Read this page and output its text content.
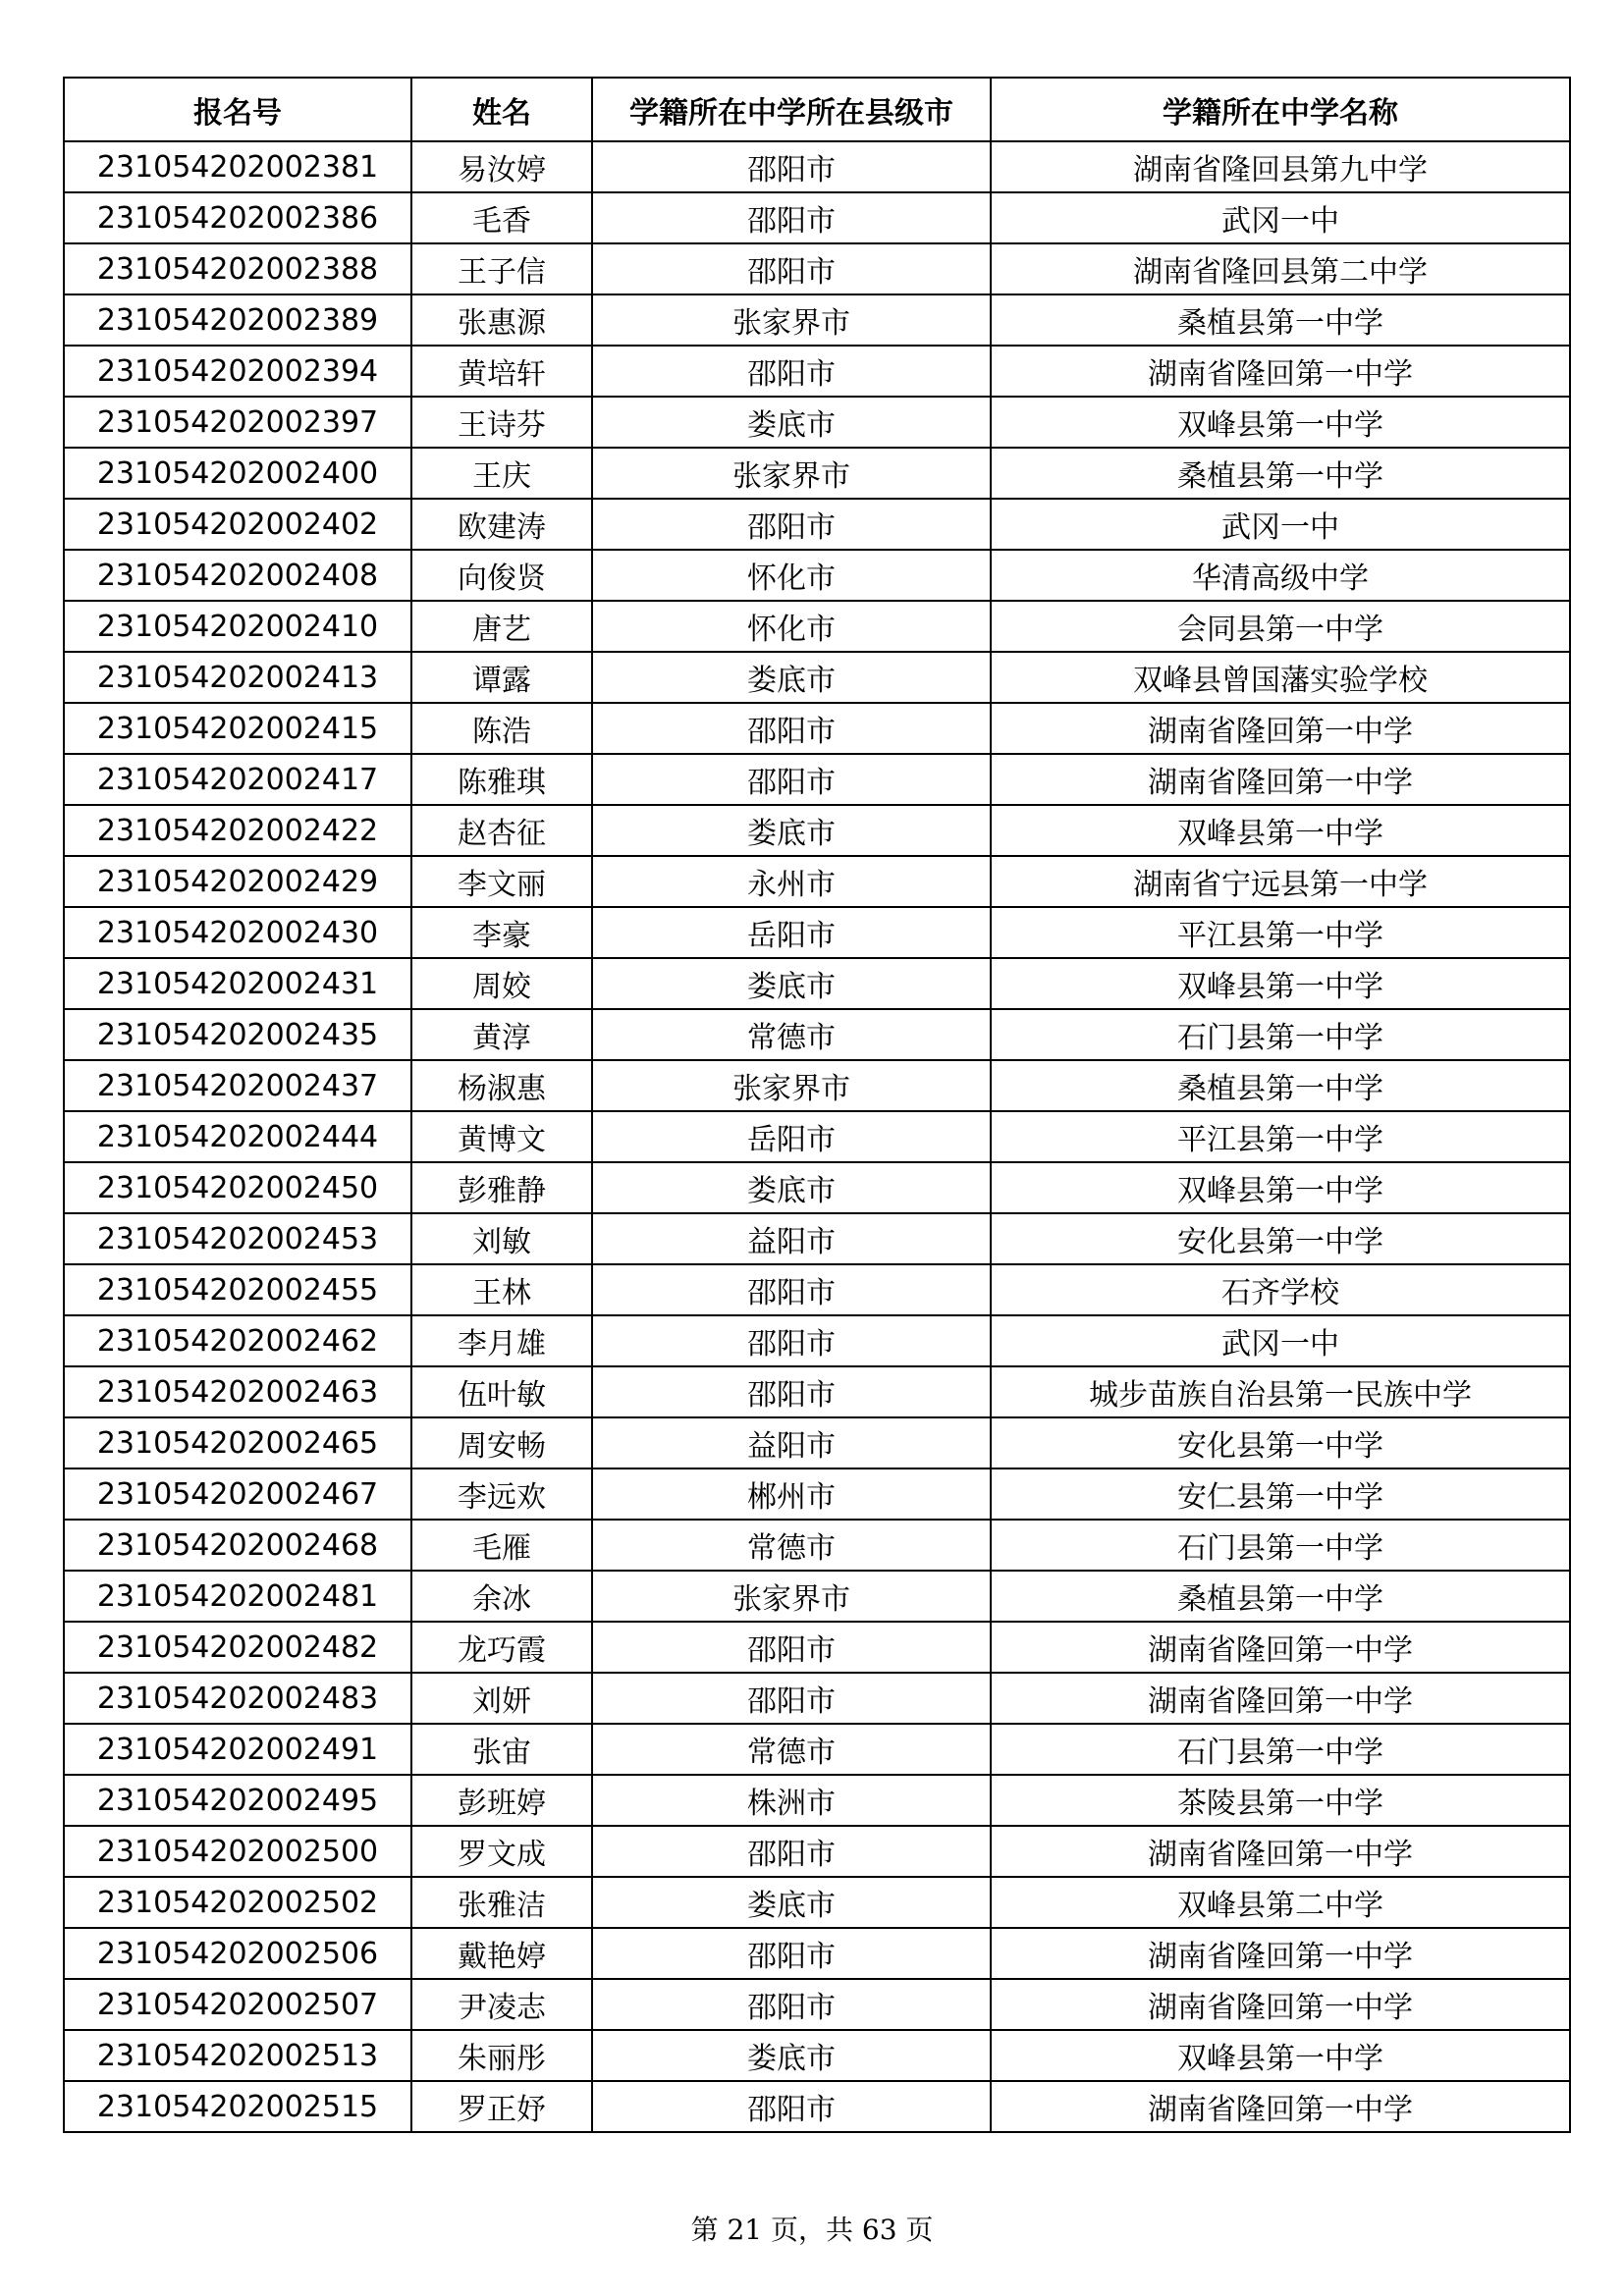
报名号	姓名	学籍所在中学所在县级市	学籍所在中学名称
231054202002381	易汝婷	邵阳市	湖南省隆回县第九中学
231054202002386	毛香	邵阳市	武冈一中
231054202002388	王子信	邵阳市	湖南省隆回县第二中学
231054202002389	张惠源	张家界市	桑植县第一中学
231054202002394	黄培轩	邵阳市	湖南省隆回第一中学
231054202002397	王诗芬	娄底市	双峰县第一中学
231054202002400	王庆	张家界市	桑植县第一中学
231054202002402	欧建涛	邵阳市	武冈一中
231054202002408	向俊贤	怀化市	华清高级中学
231054202002410	唐艺	怀化市	会同县第一中学
231054202002413	谭露	娄底市	双峰县曾国藩实验学校
231054202002415	陈浩	邵阳市	湖南省隆回第一中学
231054202002417	陈雅琪	邵阳市	湖南省隆回第一中学
231054202002422	赵杏征	娄底市	双峰县第一中学
231054202002429	李文丽	永州市	湖南省宁远县第一中学
231054202002430	李豪	岳阳市	平江县第一中学
231054202002431	周姣	娄底市	双峰县第一中学
231054202002435	黄淳	常德市	石门县第一中学
231054202002437	杨淑惠	张家界市	桑植县第一中学
231054202002444	黄博文	岳阳市	平江县第一中学
231054202002450	彭雅静	娄底市	双峰县第一中学
231054202002453	刘敏	益阳市	安化县第一中学
231054202002455	王林	邵阳市	石齐学校
231054202002462	李月雄	邵阳市	武冈一中
231054202002463	伍叶敏	邵阳市	城步苗族自治县第一民族中学
231054202002465	周安畅	益阳市	安化县第一中学
231054202002467	李远欢	郴州市	安仁县第一中学
231054202002468	毛雁	常德市	石门县第一中学
231054202002481	余冰	张家界市	桑植县第一中学
231054202002482	龙巧霞	邵阳市	湖南省隆回第一中学
231054202002483	刘妍	邵阳市	湖南省隆回第一中学
231054202002491	张宙	常德市	石门县第一中学
231054202002495	彭班婷	株洲市	茶陵县第一中学
231054202002500	罗文成	邵阳市	湖南省隆回第一中学
231054202002502	张雅洁	娄底市	双峰县第二中学
231054202002506	戴艳婷	邵阳市	湖南省隆回第一中学
231054202002507	尹凌志	邵阳市	湖南省隆回第一中学
231054202002513	朱丽彤	娄底市	双峰县第一中学
231054202002515	罗正妤	邵阳市	湖南省隆回第一中学
第 21 页，共 63 页
